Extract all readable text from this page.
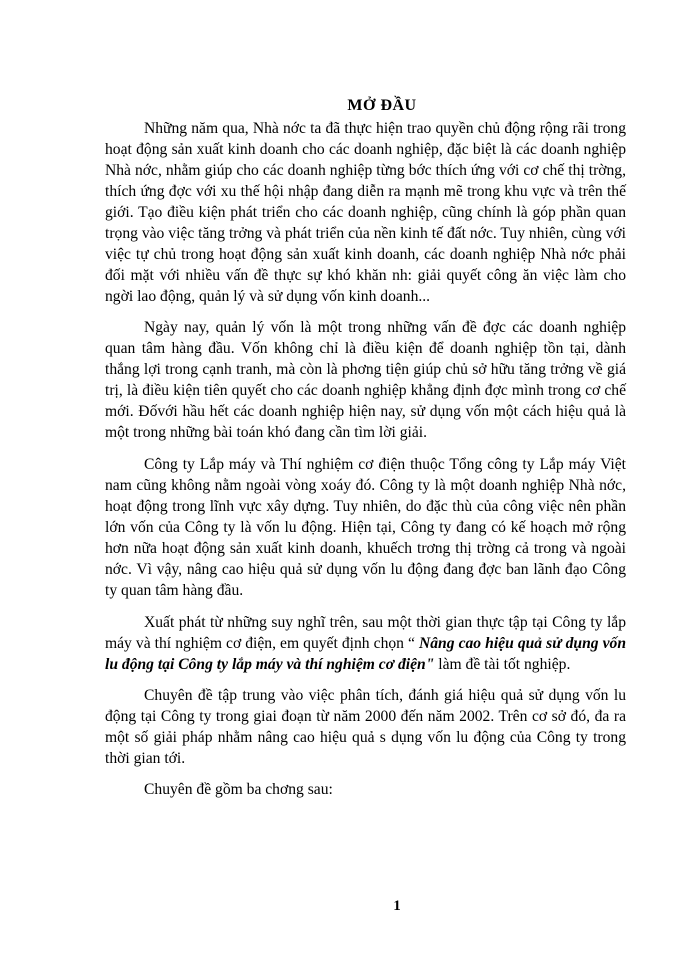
MỞ ĐẦU

Những năm qua, Nhà nớc ta đã thực hiện trao quyền chủ động rộng rãi trong hoạt động sản xuất kinh doanh cho các doanh nghiệp, đặc biệt là các doanh nghiệp Nhà nớc, nhằm giúp cho các doanh nghiệp từng bớc thích ứng với cơ chế thị trờng, thích ứng đợc với xu thế hội nhập đang diễn ra mạnh mẽ trong khu vực và trên thế giới. Tạo điều kiện phát triển cho các doanh nghiệp, cũng chính là góp phần quan trọng vào việc tăng trởng và phát triển của nền kinh tế đất nớc. Tuy nhiên, cùng với việc tự chủ trong hoạt động sản xuất kinh doanh, các doanh nghiệp Nhà nớc phải đối mặt với nhiều vấn đề thực sự khó khăn nh: giải quyết công ăn việc làm cho ngời lao động, quản lý và sử dụng vốn kinh doanh...

Ngày nay, quản lý vốn là một trong những vấn đề đợc các doanh nghiệp quan tâm hàng đầu. Vốn không chỉ là điều kiện để doanh nghiệp tồn tại, dành thắng lợi trong cạnh tranh, mà còn là phơng tiện giúp chủ sở hữu tăng trởng về giá trị, là điều kiện tiên quyết cho các doanh nghiệp khẳng định đợc mình trong cơ chế mới. Đốvới hầu hết các doanh nghiệp hiện nay, sử dụng vốn một cách hiệu quả là một trong những bài toán khó đang cần tìm lời giải.

Công ty Lắp máy và Thí nghiệm cơ điện thuộc Tổng công ty Lắp máy Việt nam cũng không nằm ngoài vòng xoáy đó. Công ty là một doanh nghiệp Nhà nớc, hoạt động trong lĩnh vực xây dựng. Tuy nhiên, do đặc thù của công việc nên phần lớn vốn của Công ty là vốn lu động. Hiện tại, Công ty đang có kế hoạch mở rộng hơn nữa hoạt động sản xuất kinh doanh, khuếch trơng thị trờng cả trong và ngoài nớc. Vì vậy, nâng cao hiệu quả sử dụng vốn lu động đang đợc ban lãnh đạo Công ty quan tâm hàng đầu.

Xuất phát từ những suy nghĩ trên, sau một thời gian thực tập tại Công ty lắp máy và thí nghiệm cơ điện, em quyết định chọn “ Nâng cao hiệu quả sử dụng vốn lu động tại Công ty lắp máy và thí nghiệm cơ điện" làm đề tài tốt nghiệp.

Chuyên đề tập trung vào việc phân tích, đánh giá hiệu quả sử dụng vốn lu động tại Công ty trong giai đoạn từ năm 2000 đến năm 2002. Trên cơ sở đó, đa ra một số giải pháp nhằm nâng cao hiệu quả s dụng vốn lu động của Công ty trong thời gian tới.

Chuyên đề gồm ba chơng sau:

1
